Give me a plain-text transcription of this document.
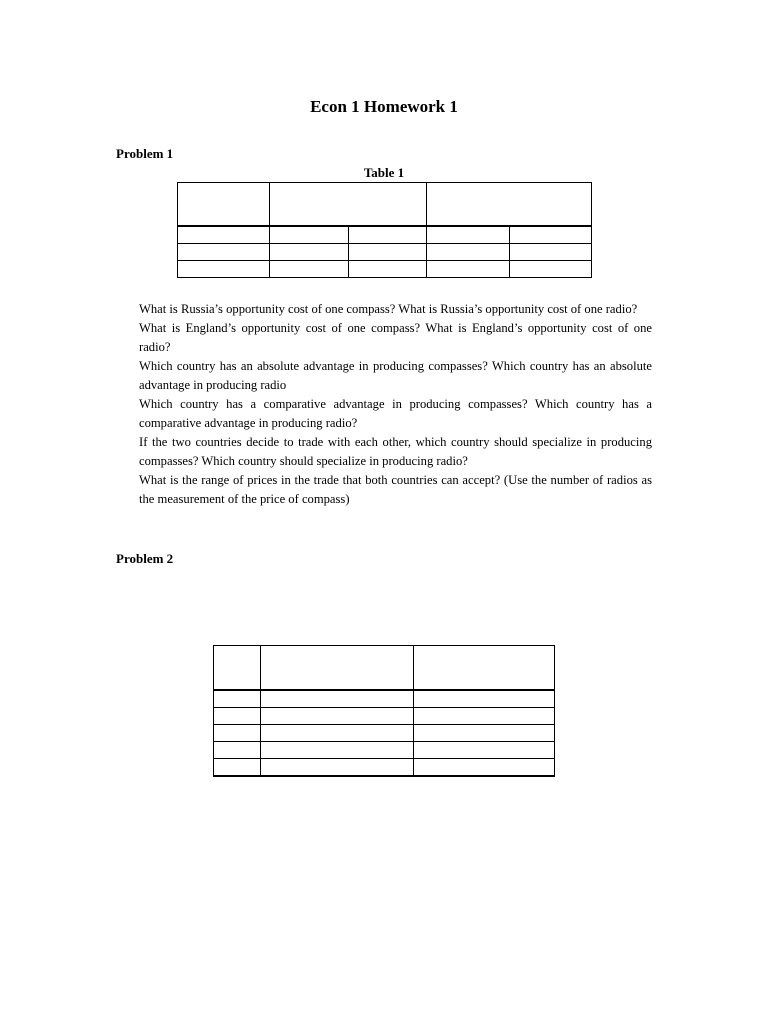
Econ 1 Homework 1
Problem 1
Table 1

What is Russia’s opportunity cost of one compass? What is Russia’s opportunity cost of one radio?
What is England’s opportunity cost of one compass? What is England’s opportunity cost of one radio?
Which country has an absolute advantage in producing compasses? Which country has an absolute advantage in producing radio
Which country has a comparative advantage in producing compasses? Which country has a comparative advantage in producing radio?
If the two countries decide to trade with each other, which country should specialize in producing compasses? Which country should specialize in producing radio?
What is the range of prices in the trade that both countries can accept? (Use the number of radios as the measurement of the price of compass)
Problem 2
